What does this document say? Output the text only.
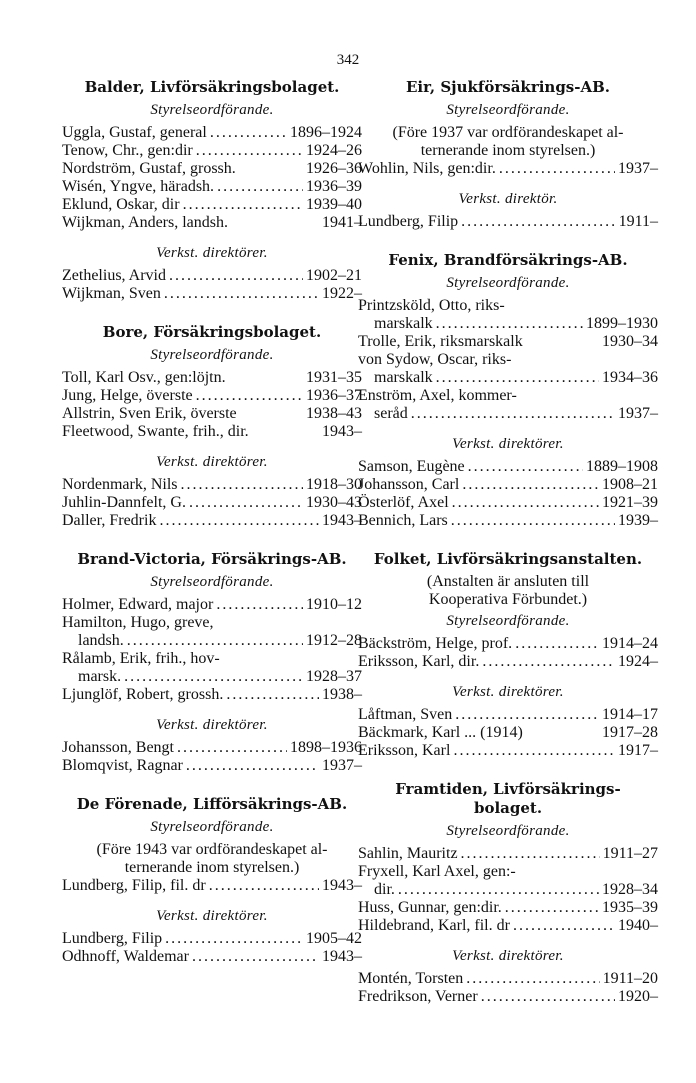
342
Balder, Livförsäkringsbolaget.
Styrelseordförande.
Uggla, Gustaf, general .....	1896–1924
Tenow, Chr., gen:dir .....	1924–26
Nordström, Gustaf, grossh.	1926–36
Wisén, Yngve, häradsh. .....	1936–39
Eklund, Oskar, dir .....	1939–40
Wijkman, Anders, landsh.	1941–
Verkst. direktörer.
Zethelius, Arvid .....	1902–21
Wijkman, Sven .....	1922–
Bore, Försäkringsbolaget.
Styrelseordförande.
Toll, Karl Osv., gen:löjtn.	1931–35
Jung, Helge, överste .....	1936–37
Allstrin, Sven Erik, överste	1938–43
Fleetwood, Swante, frih., dir.	1943–
Verkst. direktörer.
Nordenmark, Nils .....	1918–30
Juhlin-Dannfelt, G. .....	1930–43
Daller, Fredrik .....	1943–
Brand-Victoria, Försäkrings-AB.
Styrelseordförande.
Holmer, Edward, major .....	1910–12
Hamilton, Hugo, greve,
landsh. .....	1912–28
Rålamb, Erik, frih., hov-
marsk. .....	1928–37
Ljunglöf, Robert, grossh. .....	1938–
Verkst. direktörer.
Johansson, Bengt .....	1898–1936
Blomqvist, Ragnar .....	1937–
De Förenade, Lifförsäkrings-AB.
Styrelseordförande.
(Före 1943 var ordförandeskapet al-
ternerande inom styrelsen.)
Lundberg, Filip, fil. dr .....	1943–
Verkst. direktörer.
Lundberg, Filip .....	1905–42
Odhnoff, Waldemar .....	1943–
Eir, Sjukförsäkrings-AB.
Styrelseordförande.
(Före 1937 var ordförandeskapet al-
ternerande inom styrelsen.)
Wohlin, Nils, gen:dir. .....	1937–
Verkst. direktör.
Lundberg, Filip .....	1911–
Fenix, Brandförsäkrings-AB.
Styrelseordförande.
Printzsköld, Otto, riks-
marskalk .....	1899–1930
Trolle, Erik, riksmarskalk	1930–34
von Sydow, Oscar, riks-
marskalk .....	1934–36
Enström, Axel, kommer-
seråd .....	1937–
Verkst. direktörer.
Samson, Eugène .....	1889–1908
Johansson, Carl .....	1908–21
Österlöf, Axel .....	1921–39
Bennich, Lars .....	1939–
Folket, Livförsäkringsanstalten.
(Anstalten är ansluten till
Kooperativa Förbundet.)
Styrelseordförande.
Bäckström, Helge, prof. .....	1914–24
Eriksson, Karl, dir. .....	1924–
Verkst. direktörer.
Låftman, Sven .....	1914–17
Bäckmark, Karl ... (1914)	1917–28
Eriksson, Karl .....	1917–
Framtiden, Livförsäkrings-
bolaget.
Styrelseordförande.
Sahlin, Mauritz .....	1911–27
Fryxell, Karl Axel, gen:-
dir. .....	1928–34
Huss, Gunnar, gen:dir. .....	1935–39
Hildebrand, Karl, fil. dr .....	1940–
Verkst. direktörer.
Montén, Torsten .....	1911–20
Fredrikson, Verner .....	1920–
